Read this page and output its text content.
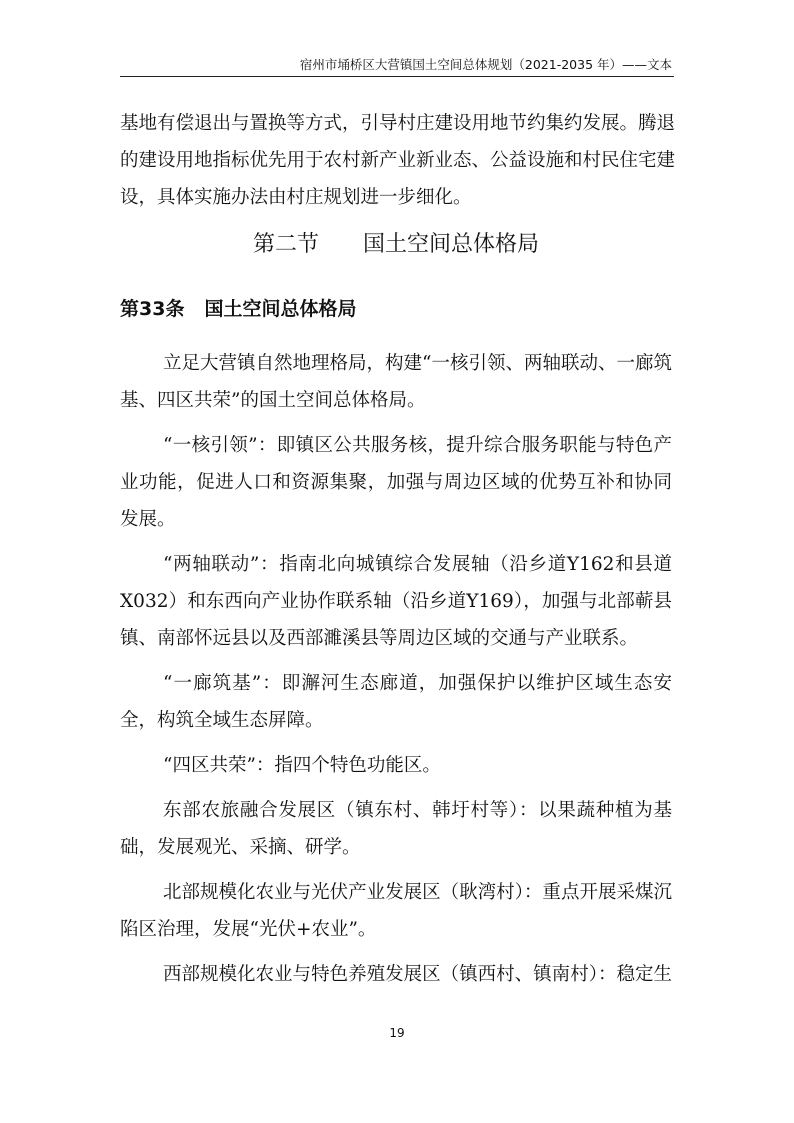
宿州市埇桥区大营镇国土空间总体规划（2021-2035 年）——文本
基地有偿退出与置换等方式，引导村庄建设用地节约集约发展。腾退
的建设用地指标优先用于农村新产业新业态、公益设施和村民住宅建
设，具体实施办法由村庄规划进一步细化。
第二节 国土空间总体格局
第33条 国土空间总体格局
立足大营镇自然地理格局，构建“一核引领、两轴联动、一廊筑
基、四区共荣”的国土空间总体格局。
“一核引领”：即镇区公共服务核，提升综合服务职能与特色产
业功能，促进人口和资源集聚，加强与周边区域的优势互补和协同
发展。
“两轴联动”：指南北向城镇综合发展轴（沿乡道Y162和县道
X032）和东西向产业协作联系轴（沿乡道Y169），加强与北部蕲县
镇、南部怀远县以及西部濉溪县等周边区域的交通与产业联系。
“一廊筑基”：即澥河生态廊道，加强保护以维护区域生态安
全，构筑全域生态屏障。
“四区共荣”：指四个特色功能区。
东部农旅融合发展区（镇东村、韩圩村等）：以果蔬种植为基
础，发展观光、采摘、研学。
北部规模化农业与光伏产业发展区（耿湾村）：重点开展采煤沉
陷区治理，发展“光伏+农业”。
西部规模化农业与特色养殖发展区（镇西村、镇南村）：稳定生
19
